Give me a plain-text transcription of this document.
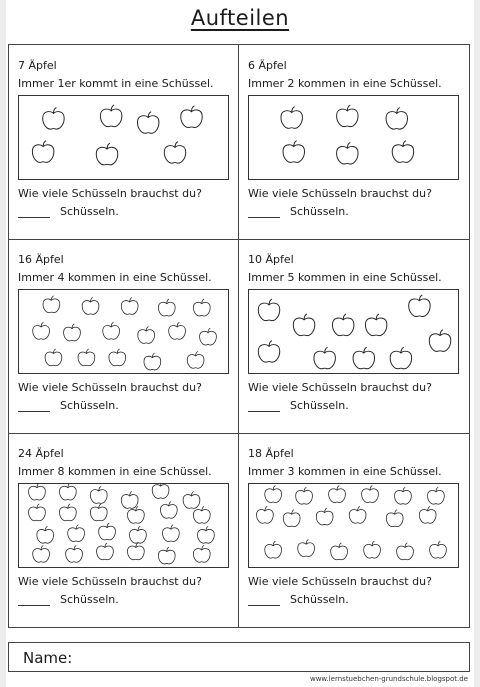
Aufteilen
7 Äpfel
Immer 1er kommt in eine Schüssel.
Wie viele Schüsseln brauchst du?
Schüsseln.
6 Äpfel
Immer 2 kommen in eine Schüssel.
Wie viele Schüsseln brauchst du?
Schüsseln.
16 Äpfel
Immer 4 kommen in eine Schüssel.
Wie viele Schüsseln brauchst du?
Schüsseln.
10 Äpfel
Immer 5 kommen in eine Schüssel.
Wie viele Schüsseln brauchst du?
Schüsseln.
24 Äpfel
Immer 8 kommen in eine Schüssel.
Wie viele Schüsseln brauchst du?
Schüsseln.
18 Äpfel
Immer 3 kommen in eine Schüssel.
Wie viele Schüsseln brauchst du?
Schüsseln.
Name:
www.lernstuebchen-grundschule.blogspot.de
